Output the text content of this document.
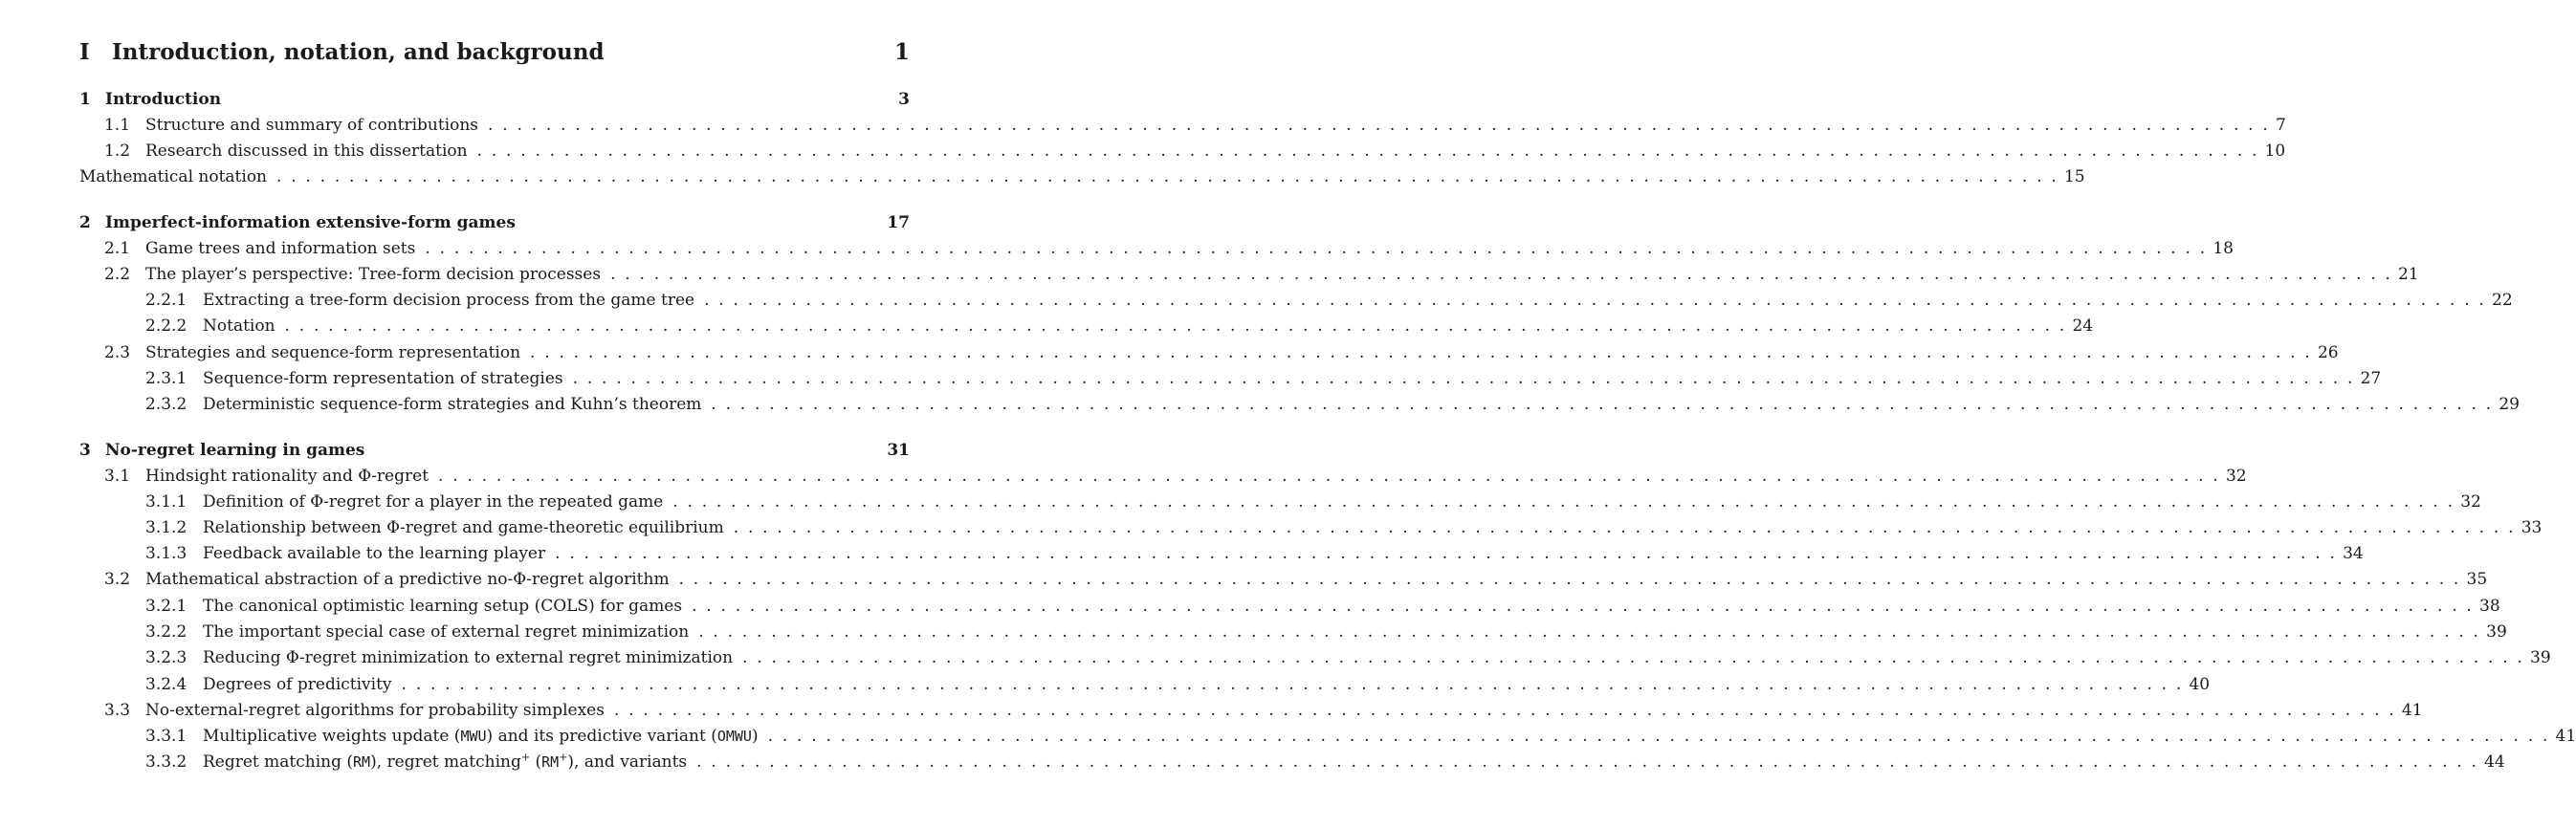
I Introduction, notation, and background	1
1 Introduction	3
1.1 Structure and summary of contributions . . .	7
1.2 Research discussed in this dissertation . . .	10
Mathematical notation . . .	15
2 Imperfect-information extensive-form games	17
2.1 Game trees and information sets . . .	18
2.2 The player’s perspective: Tree-form decision processes . . .	21
2.2.1 Extracting a tree-form decision process from the game tree . . .	22
2.2.2 Notation . . .	24
2.3 Strategies and sequence-form representation . . .	26
2.3.1 Sequence-form representation of strategies . . .	27
2.3.2 Deterministic sequence-form strategies and Kuhn’s theorem . . .	29
3 No-regret learning in games	31
3.1 Hindsight rationality and Φ-regret . . .	32
3.1.1 Definition of Φ-regret for a player in the repeated game . . .	32
3.1.2 Relationship between Φ-regret and game-theoretic equilibrium . . .	33
3.1.3 Feedback available to the learning player . . .	34
3.2 Mathematical abstraction of a predictive no-Φ-regret algorithm . . .	35
3.2.1 The canonical optimistic learning setup (COLS) for games . . .	38
3.2.2 The important special case of external regret minimization . . .	39
3.2.3 Reducing Φ-regret minimization to external regret minimization . . .	39
3.2.4 Degrees of predictivity . . .	40
3.3 No-external-regret algorithms for probability simplexes . . .	41
3.3.1 Multiplicative weights update (MWU) and its predictive variant (OMWU) . . .	41
3.3.2 Regret matching (RM), regret matching+ (RM+), and variants . . .	44
